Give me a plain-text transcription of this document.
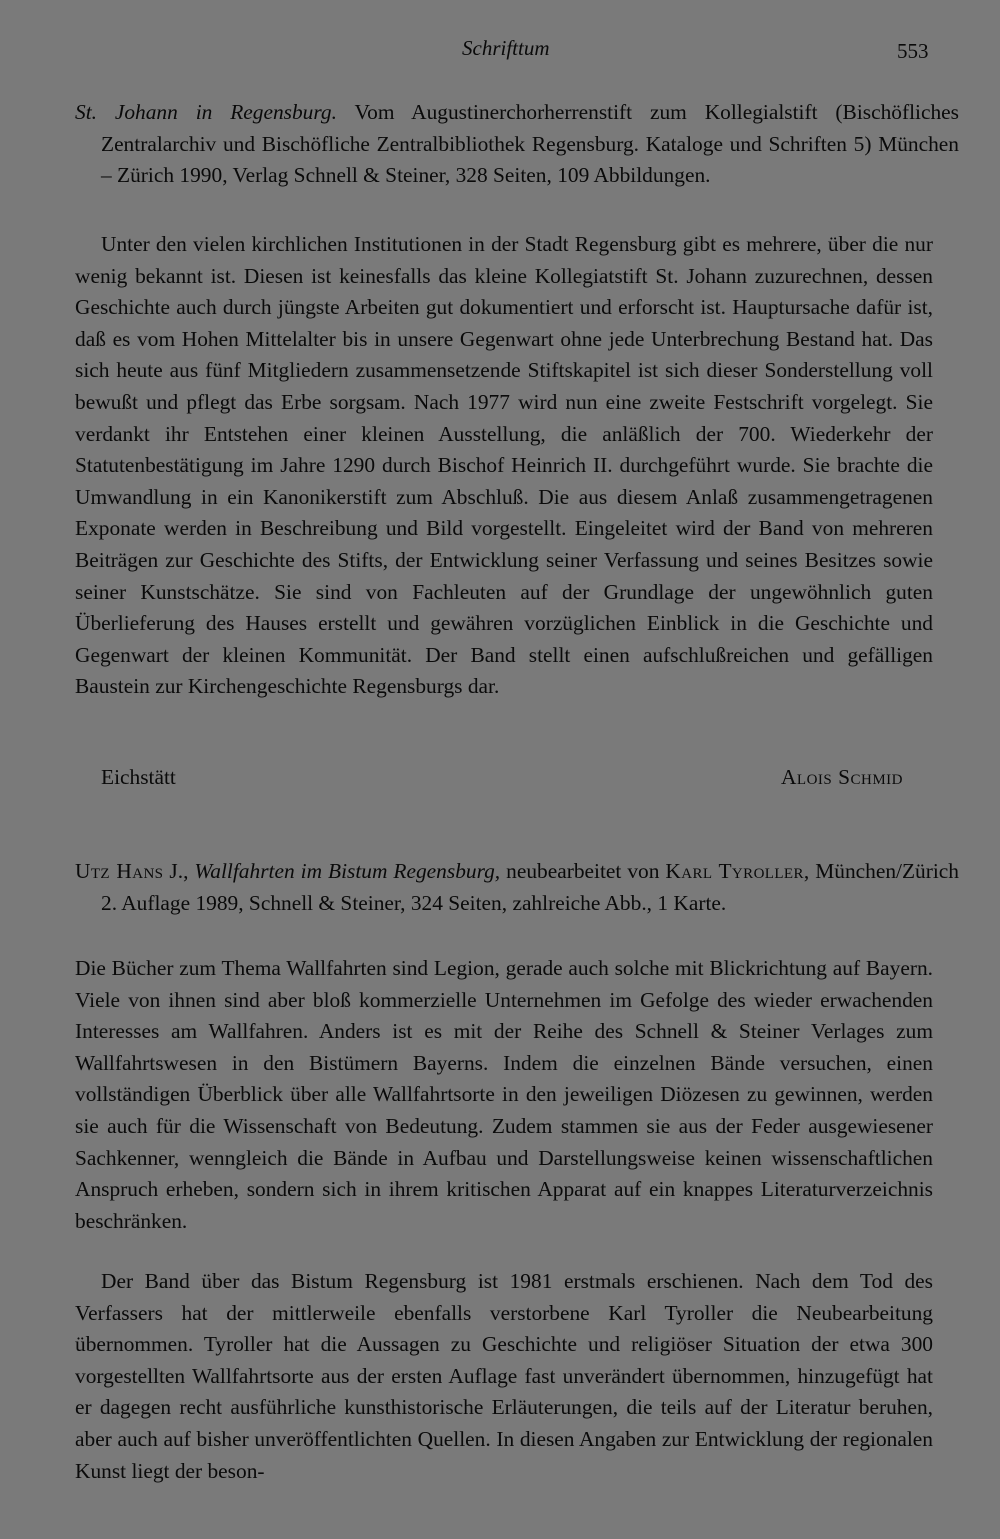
Schrifttum	553
St. Johann in Regensburg. Vom Augustinerchorherrenstift zum Kollegialstift (Bischöfliches Zentralarchiv und Bischöfliche Zentralbibliothek Regensburg. Kataloge und Schriften 5) München – Zürich 1990, Verlag Schnell & Steiner, 328 Seiten, 109 Abbildungen.
Unter den vielen kirchlichen Institutionen in der Stadt Regensburg gibt es mehrere, über die nur wenig bekannt ist. Diesen ist keinesfalls das kleine Kollegiatstift St. Johann zuzurechnen, dessen Geschichte auch durch jüngste Arbeiten gut dokumentiert und erforscht ist. Hauptursache dafür ist, daß es vom Hohen Mittelalter bis in unsere Gegenwart ohne jede Unterbrechung Bestand hat. Das sich heute aus fünf Mitgliedern zusammensetzende Stiftskapitel ist sich dieser Sonderstellung voll bewußt und pflegt das Erbe sorgsam. Nach 1977 wird nun eine zweite Festschrift vorgelegt. Sie verdankt ihr Entstehen einer kleinen Ausstellung, die anläßlich der 700. Wiederkehr der Statutenbestätigung im Jahre 1290 durch Bischof Heinrich II. durchgeführt wurde. Sie brachte die Umwandlung in ein Kanonikerstift zum Abschluß. Die aus diesem Anlaß zusammengetragenen Exponate werden in Beschreibung und Bild vorgestellt. Eingeleitet wird der Band von mehreren Beiträgen zur Geschichte des Stifts, der Entwicklung seiner Verfassung und seines Besitzes sowie seiner Kunstschätze. Sie sind von Fachleuten auf der Grundlage der ungewöhnlich guten Überlieferung des Hauses erstellt und gewähren vorzüglichen Einblick in die Geschichte und Gegenwart der kleinen Kommunität. Der Band stellt einen aufschlußreichen und gefälligen Baustein zur Kirchengeschichte Regensburgs dar.
Eichstätt	Alois Schmid
Utz Hans J., Wallfahrten im Bistum Regensburg, neubearbeitet von Karl Tyroller, München/Zürich 2. Auflage 1989, Schnell & Steiner, 324 Seiten, zahlreiche Abb., 1 Karte.
Die Bücher zum Thema Wallfahrten sind Legion, gerade auch solche mit Blickrichtung auf Bayern. Viele von ihnen sind aber bloß kommerzielle Unternehmen im Gefolge des wieder erwachenden Interesses am Wallfahren. Anders ist es mit der Reihe des Schnell & Steiner Verlages zum Wallfahrtswesen in den Bistümern Bayerns. Indem die einzelnen Bände versuchen, einen vollständigen Überblick über alle Wallfahrtsorte in den jeweiligen Diözesen zu gewinnen, werden sie auch für die Wissenschaft von Bedeutung. Zudem stammen sie aus der Feder ausgewiesener Sachkenner, wenngleich die Bände in Aufbau und Darstellungsweise keinen wissenschaftlichen Anspruch erheben, sondern sich in ihrem kritischen Apparat auf ein knappes Literaturverzeichnis beschränken.
Der Band über das Bistum Regensburg ist 1981 erstmals erschienen. Nach dem Tod des Verfassers hat der mittlerweile ebenfalls verstorbene Karl Tyroller die Neubearbeitung übernommen. Tyroller hat die Aussagen zu Geschichte und religiöser Situation der etwa 300 vorgestellten Wallfahrtsorte aus der ersten Auflage fast unverändert übernommen, hinzugefügt hat er dagegen recht ausführliche kunsthistorische Erläuterungen, die teils auf der Literatur beruhen, aber auch auf bisher unveröffentlichten Quellen. In diesen Angaben zur Entwicklung der regionalen Kunst liegt der beson-
